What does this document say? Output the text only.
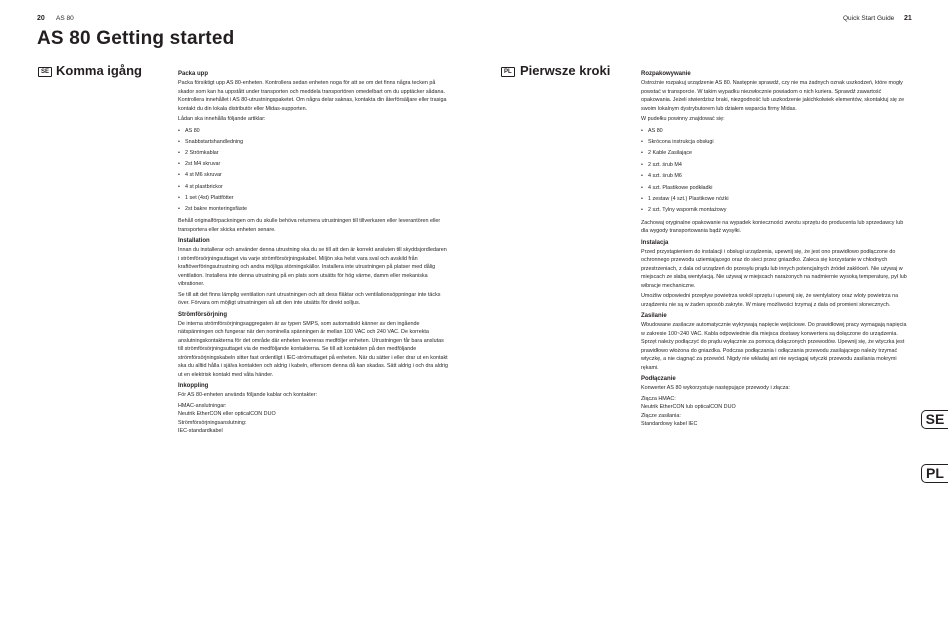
20 AS 80	Quick Start Guide 21
AS 80 Getting started
SE Komma igång	Packa upp

Packa försiktigt upp AS 80-enheten. Kontrollera sedan enheten noga för att se om det finns några tecken på skador som kan ha uppstått under transporten och meddela transportören omedelbart om du upptäcker sådana. Kontrollera innehållet i AS 80-utrustningspaketet. Om några delar saknas, kontakta din återförsäljare eller trasiga kontakt du din lokala distributör eller Midas-supporten.

Lådan ska innehålla följande artiklar:

• AS 80
• Snabbstartshandledning
• 2 Strömkablar
• 2st M4 skruvar
• 4 st M6 skruvar
• 4 st plastbrickor
• 1 set (4st) Plattfötter
• 2st bakre monteringsfäste

Behåll originalförpackningen om du skulle behöva returnera utrustningen till tillverkaren eller leverantören eller transportera eller skicka enheten senare.

Installation

Innan du installerar och använder denna utrustning ska du se till att den är korrekt ansluten till skyddsjordledaren i strömförsörjningsuttaget via varje strömförsörjningskabel. Miljön ska helst vara sval och avskild från kraftöverföringsutrustning och andra möjliga störningskällor. Installera inte utrustningen på platser med dålig ventilation. Installera inte denna utrustning på en plats som utsätts för hög värme, damm eller mekaniska vibrationer.

Se till att det finns lämplig ventilation runt utrustningen och att dess fläktar och ventilationsöppningar inte täcks över. Förvara om möjligt utrustningen så att den inte utsätts för direkt solljus.

Strömförsörjning

De interna strömförsörjningsaggregaten är av typen SMPS, som automatiskt känner av den ingående nätspänningen och fungerar när den nominella spänningen är mellan 100 VAC och 240 VAC. De korrekta anslutningskontakterna för det område där enheten levereras medföljer enheten. Utrustningen får bara anslutas till strömförsörjningsuttaget via de medföljande kontakterna. Se till att kontakten på den medföljande strömförsörjningskabeln sitter fast ordentligt i IEC-strömuttaget på enheten. När du sätter i eller drar ut en kontakt ska du alltid hålla i själva kontakten och aldrig i kabeln, eftersom denna då kan skadas. Sätt aldrig i och dra aldrig ut en elektrisk kontakt med våta händer.

Inkoppling

För AS 80-enheten används följande kablar och kontakter:

HMAC-anslutningar:

Neutrik EtherCON eller opticalCON DUO

Strömförsörjningsanslutning:

IEC-standardkabel

PL Pierwsze kroki	Rozpakowywanie

Ostrożnie rozpakuj urządzenie AS 80. Następnie sprawdź, czy nie ma żadnych oznak uszkodzeń, które mogły powstać w transporcie. W takim wypadku niezwłocznie powiadom o nich kurierа. Sprawdź zawartość opakowania. Jeżeli stwierdzisz braki, niezgodność lub uszkodzenie jakichkolwiek elementów, skontaktuj się ze swoim lokalnym dystrybutorem lub działem wsparcia firmy Midas.

W pudełku powinny znajdować się:

• AS 80
• Skrócona instrukcja obsługi
• 2 Kable Zasilające
• 2 szt. śrub M4
• 4 szt. śrub M6
• 4 szt. Plastikowe podkładki
• 1 zestaw (4 szt.) Plastikowe nóżki
• 2 szt. Tylny wspornik montażowy

Zachowaj oryginalne opakowanie na wypadek konieczności zwrotu sprzętu do producenta lub sprzedawcy lub dla wygody transportowania bądź wysyłki.

Instalacja

Przed przystąpieniem do instalacji i obsługi urządzenia, upewnij się, że jest ono prawidłowo podłączone do ochronnego przewodu uziemiającego oraz do sieci przez gniazdko. Zaleca się korzystanie w chłodnych przestrzeniach, z dala od urządzeń do przesyłu prądu lub innych potencjalnych źródeł zakłóceń. Nie używaj w miejscach ze słabą wentylacją. Nie używaj w miejscach narażonych na nadmiernie wysoką temperaturę, pył lub wibracje mechaniczne.

Umożliw odpowiedni przepływ powietrza wokół sprzętu i upewnij się, że wentylatory oraz wloty powietrza na urządzeniu nie są w żaden sposób zakryte. W miarę możliwości trzymaj z dala od promieni słonecznych.

Zasilanie

Wbudowane zasilacze automatycznie wykrywają napięcie wejściowe. Do prawidłowej pracy wymagają napięcia w zakresie 100~240 VAC. Kabla odpowiednie dla miejsca dostawy konwertera są dołączone do urządzenia. Sprzęt należy podłączyć do prądu wyłącznie za pomocą dołączonych przewodów. Upewnij się, że wtyczka jest prawidłowo włożona do gniazdka. Podczas podłączania i odłączania przewodu zasilającego należy trzymać wtyczkę, a nie ciągnąć za przewód. Nigdy nie wkładaj ani nie wyciągaj wtyczki przewodu zasilania mokrymi rękami.

Podłączanie

Konwerter AS 80 wykorzystuje następujące przewody i złącza:

Złącza HMAC:

Neutrik EtherCON lub opticalCON DUO

Złącze zasilania:

Standardowy kabel IEC	SE
PL
